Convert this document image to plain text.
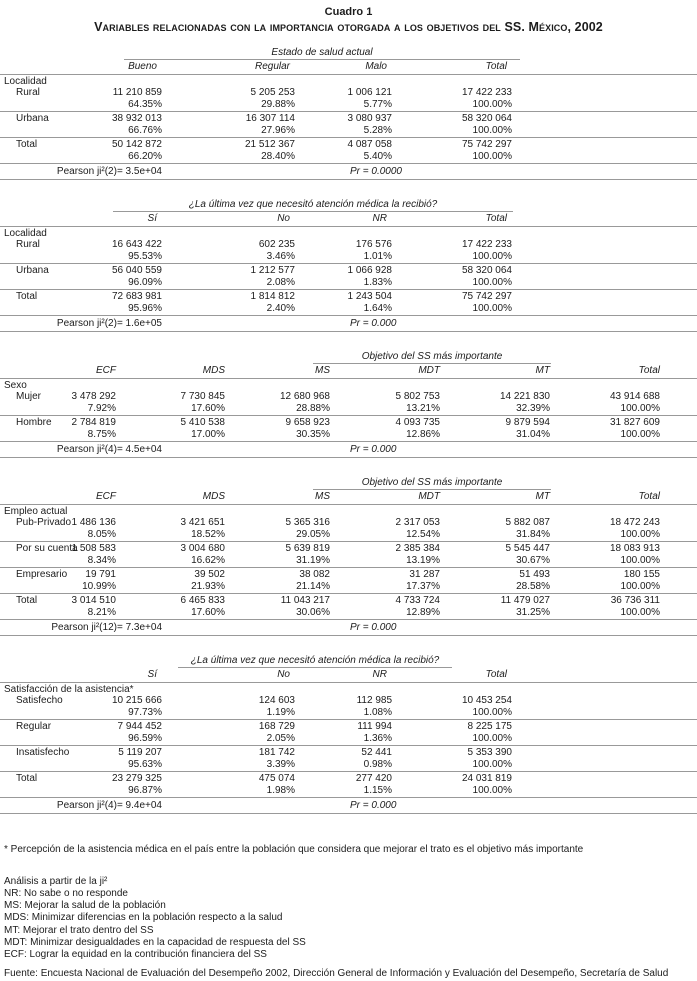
Cuadro 1
Variables relacionadas con la importancia otorgada a los objetivos del SS. México, 2002
Estado de salud actual
Bueno	Regular	Malo	Total
Localidad
Rural	11 210 859	5 205 253	1 006 121	17 422 233
64.35%	29.88%	5.77%	100.00%
Urbana	38 932 013	16 307 114	3 080 937	58 320 064
66.76%	27.96%	5.28%	100.00%
Total	50 142 872	21 512 367	4 087 058	75 742 297
66.20%	28.40%	5.40%	100.00%
Pearson ji²(2)= 3.5e+04	Pr = 0.0000
¿La última vez que necesitó atención médica la recibió?
Sí	No	NR	Total
Localidad
Rural	16 643 422	602 235	176 576	17 422 233
95.53%	3.46%	1.01%	100.00%
Urbana	56 040 559	1 212 577	1 066 928	58 320 064
96.09%	2.08%	1.83%	100.00%
Total	72 683 981	1 814 812	1 243 504	75 742 297
95.96%	2.40%	1.64%	100.00%
Pearson ji²(2)= 1.6e+05	Pr = 0.000
Objetivo del SS más importante
ECF	MDS	MS	MDT	MT	Total
Sexo
Mujer	3 478 292	7 730 845	12 680 968	5 802 753	14 221 830	43 914 688
7.92%	17.60%	28.88%	13.21%	32.39%	100.00%
Hombre	2 784 819	5 410 538	9 658 923	4 093 735	9 879 594	31 827 609
8.75%	17.00%	30.35%	12.86%	31.04%	100.00%
Pearson ji²(4)= 4.5e+04	Pr = 0.000
Objetivo del SS más importante
ECF	MDS	MS	MDT	MT	Total
Empleo actual
Pub-Privado 1 486 136	3 421 651	5 365 316	2 317 053	5 882 087	18 472 243
8.05%	18.52%	29.05%	12.54%	31.84%	100.00%
Por su cuenta
1 508 583	3 004 680	5 639 819	2 385 384	5 545 447	18 083 913
8.34%	16.62%	31.19%	13.19%	30.67%	100.00%
Empresario	19 791	39 502	38 082	31 287	51 493	180 155
10.99%	21.93%	21.14%	17.37%	28.58%	100.00%
Total	3 014 510	6 465 833	11 043 217	4 733 724	11 479 027	36 736 311
8.21%	17.60%	30.06%	12.89%	31.25%	100.00%
Pearson ji²(12)= 7.3e+04	Pr = 0.000
¿La última vez que necesitó atención médica la recibió?
Sí	No	NR	Total
Satisfacción de la asistencia*
Satisfecho	10 215 666	124 603	112 985	10 453 254
97.73%	1.19%	1.08%	100.00%
Regular	7 944 452	168 729	111 994	8 225 175
96.59%	2.05%	1.36%	100.00%
Insatisfecho	5 119 207	181 742	52 441	5 353 390
95.63%	3.39%	0.98%	100.00%
Total	23 279 325	475 074	277 420	24 031 819
96.87%	1.98%	1.15%	100.00%
Pearson ji²(4)= 9.4e+04	Pr = 0.000
* Percepción de la asistencia médica en el país entre la población que considera que mejorar el trato es el objetivo más importante
Análisis a partir de la ji²
NR: No sabe o no responde
MS: Mejorar la salud de la población
MDS: Minimizar diferencias en la población respecto a la salud
MT: Mejorar el trato dentro del SS
MDT: Minimizar desigualdades en la capacidad de respuesta del SS
ECF: Lograr la equidad en la contribución financiera del SS
Fuente: Encuesta Nacional de Evaluación del Desempeño 2002, Dirección General de Información y Evaluación del Desempeño, Secretaría de Salud
